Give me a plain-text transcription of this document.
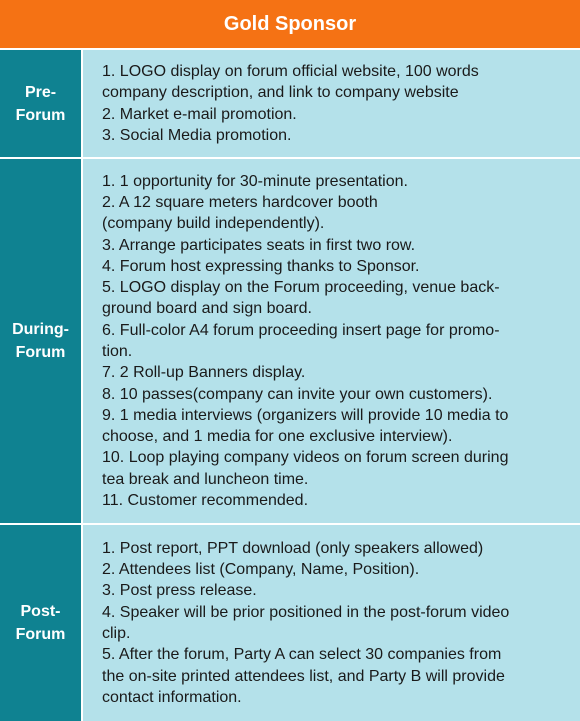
Gold Sponsor
Pre-
Forum
1. LOGO display on forum official website, 100 words
company description, and link to company website
2. Market e-mail promotion.
3. Social Media promotion.
During-
Forum
1. 1 opportunity for 30-minute presentation.
2. A 12 square meters hardcover booth
(company build independently).
3. Arrange participates seats in first two row.
4. Forum host expressing thanks to Sponsor.
5. LOGO display on the Forum proceeding, venue back-
ground board and sign board.
6. Full-color A4 forum proceeding insert page for promo-
tion.
7. 2 Roll-up Banners display.
8. 10 passes(company can invite your own customers).
9. 1 media interviews (organizers will provide 10 media to
choose, and 1 media for one exclusive interview).
10. Loop playing company videos on forum screen during
tea break and luncheon time.
11. Customer recommended.
Post-
Forum
1. Post report, PPT download (only speakers allowed)
2. Attendees list (Company, Name, Position).
3. Post press release.
4. Speaker will be prior positioned in the post-forum video
clip.
5. After the forum, Party A can select 30 companies from
the on-site printed attendees list, and Party B will provide
contact information.
